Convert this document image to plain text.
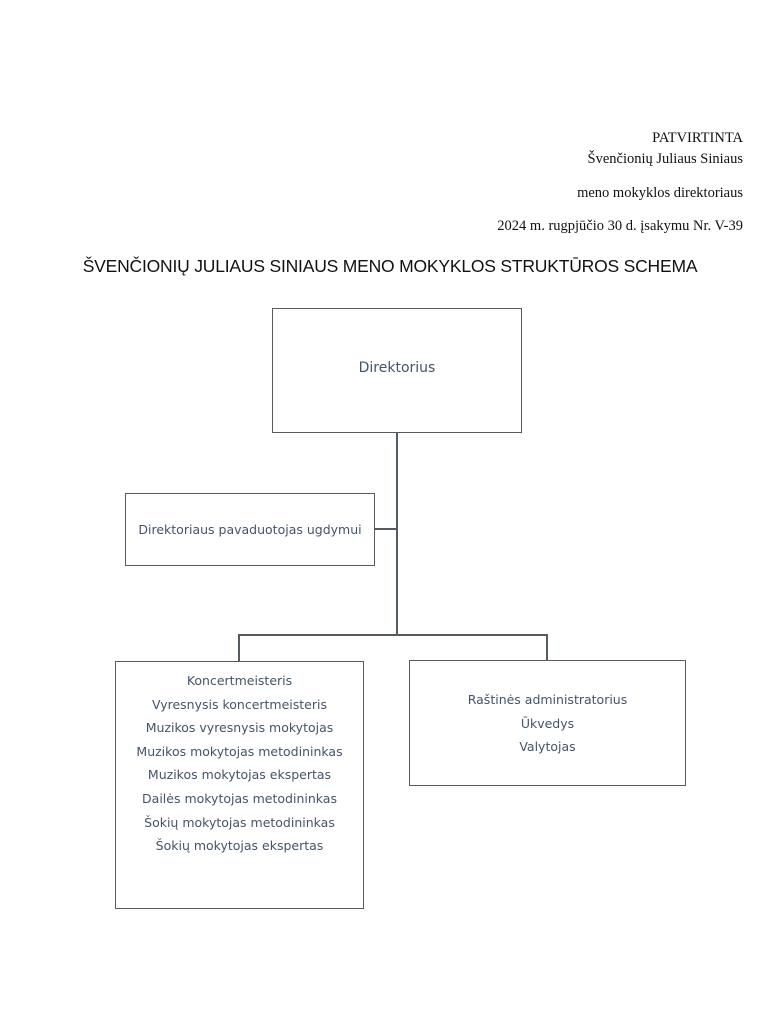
PATVIRTINTA
Švenčionių Juliaus Siniaus
meno mokyklos direktoriaus
2024 m. rugpjūčio 30 d. įsakymu Nr. V-39
ŠVENČIONIŲ JULIAUS SINIAUS MENO MOKYKLOS STRUKTŪROS SCHEMA
Direktorius
Direktoriaus pavaduotojas ugdymui
Koncertmeisteris
Vyresnysis koncertmeisteris
Muzikos vyresnysis mokytojas
Muzikos mokytojas metodininkas
Muzikos mokytojas ekspertas
Dailės mokytojas metodininkas
Šokių mokytojas metodininkas
Šokių mokytojas ekspertas
Raštinės administratorius
Ūkvedys
Valytojas
